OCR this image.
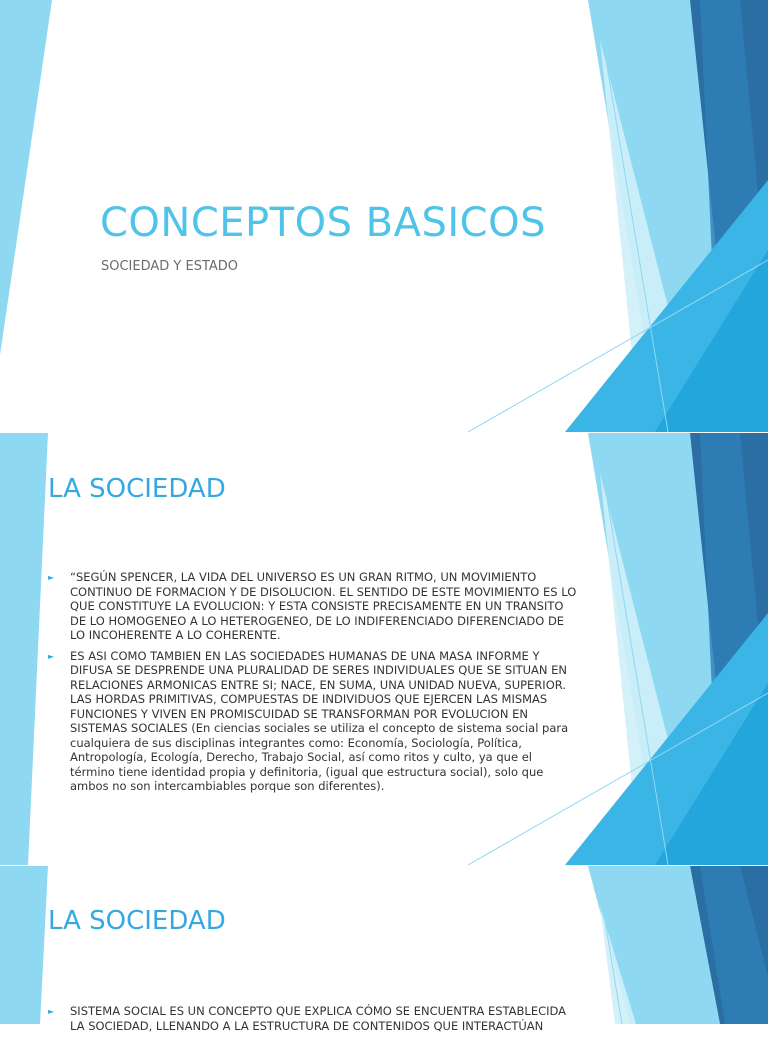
CONCEPTOS BASICOS

SOCIEDAD Y ESTADO

LA SOCIEDAD
► “SEGÚN SPENCER, LA VIDA DEL UNIVERSO ES UN GRAN RITMO, UN MOVIMIENTO CONTINUO DE FORMACION Y DE DISOLUCION. EL SENTIDO DE ESTE MOVIMIENTO ES LO QUE CONSTITUYE LA EVOLUCION: Y ESTA CONSISTE PRECISAMENTE EN UN TRANSITO DE LO HOMOGENEO A LO HETEROGENEO, DE LO INDIFERENCIADO DIFERENCIADO DE LO INCOHERENTE A LO COHERENTE.
► ES ASI COMO TAMBIEN EN LAS SOCIEDADES HUMANAS DE UNA MASA INFORME Y DIFUSA SE DESPRENDE UNA PLURALIDAD DE SERES INDIVIDUALES QUE SE SITUAN EN RELACIONES ARMONICAS ENTRE SI; NACE, EN SUMA, UNA UNIDAD NUEVA, SUPERIOR. LAS HORDAS PRIMITIVAS, COMPUESTAS DE INDIVIDUOS QUE EJERCEN LAS MISMAS FUNCIONES Y VIVEN EN PROMISCUIDAD SE TRANSFORMAN POR EVOLUCION EN SISTEMAS SOCIALES (En ciencias sociales se utiliza el concepto de sistema social para cualquiera de sus disciplinas integrantes como: Economía, Sociología, Política, Antropología, Ecología, Derecho, Trabajo Social, así como ritos y culto, ya que el término tiene identidad propia y definitoria, (igual que estructura social), solo que ambos no son intercambiables porque son diferentes).
LA SOCIEDAD
► SISTEMA SOCIAL ES UN CONCEPTO QUE EXPLICA CÓMO SE ENCUENTRA ESTABLECIDA LA SOCIEDAD, LLENANDO A LA ESTRUCTURA DE CONTENIDOS QUE INTERACTÚAN
